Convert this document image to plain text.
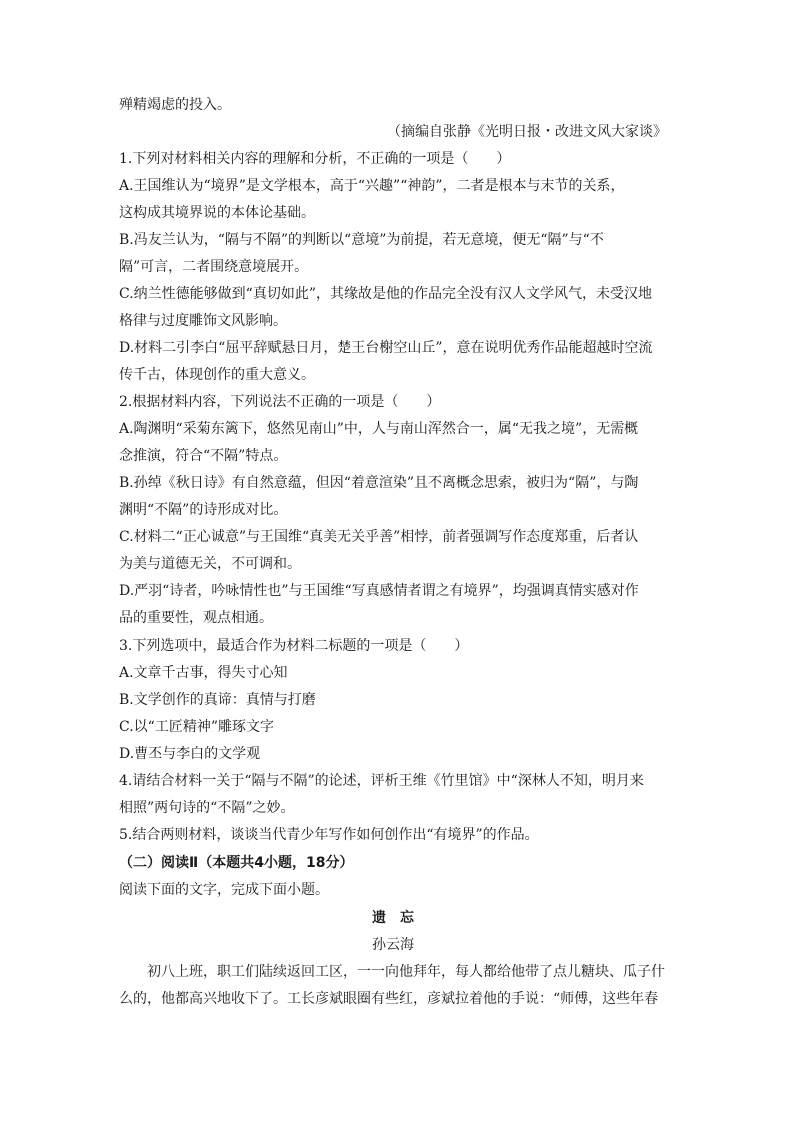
殚精竭虑的投入。
（摘编自张静《光明日报・改进文风大家谈》
1.下列对材料相关内容的理解和分析，不正确的一项是（　　）
A.王国维认为“境界”是文学根本，高于“兴趣”“神韵”，二者是根本与末节的关系，
这构成其境界说的本体论基础。
B.冯友兰认为，“隔与不隔”的判断以“意境”为前提，若无意境，便无“隔”与“不
隔”可言，二者围绕意境展开。
C.纳兰性德能够做到“真切如此”，其缘故是他的作品完全没有汉人文学风气，未受汉地
格律与过度雕饰文风影响。
D.材料二引李白“屈平辞赋悬日月，楚王台榭空山丘”，意在说明优秀作品能超越时空流
传千古，体现创作的重大意义。
2.根据材料内容，下列说法不正确的一项是（　　）
A.陶渊明“采菊东篱下，悠然见南山”中，人与南山浑然合一，属“无我之境”，无需概
念推演，符合“不隔”特点。
B.孙绰《秋日诗》有自然意蕴，但因“着意渲染”且不离概念思索，被归为“隔”，与陶
渊明“不隔”的诗形成对比。
C.材料二“正心诚意”与王国维“真美无关乎善”相悖，前者强调写作态度郑重，后者认
为美与道德无关，不可调和。
D.严羽“诗者，吟咏情性也”与王国维“写真感情者谓之有境界”，均强调真情实感对作
品的重要性，观点相通。
3.下列选项中，最适合作为材料二标题的一项是（　　）
A.文章千古事，得失寸心知
B.文学创作的真谛：真情与打磨
C.以“工匠精神”雕琢文字
D.曹丕与李白的文学观
4.请结合材料一关于“隔与不隔”的论述，评析王维《竹里馆》中“深林人不知，明月来
相照”两句诗的“不隔”之妙。
5.结合两则材料，谈谈当代青少年写作如何创作出“有境界”的作品。
（二）阅读Ⅱ（本题共4小题，18分）
阅读下面的文字，完成下面小题。
遗　忘
孙云海
初八上班，职工们陆续返回工区，一一向他拜年，每人都给他带了点儿糖块、瓜子什
么的，他都高兴地收下了。工长彦斌眼圈有些红，彦斌拉着他的手说：“师傅，这些年春
